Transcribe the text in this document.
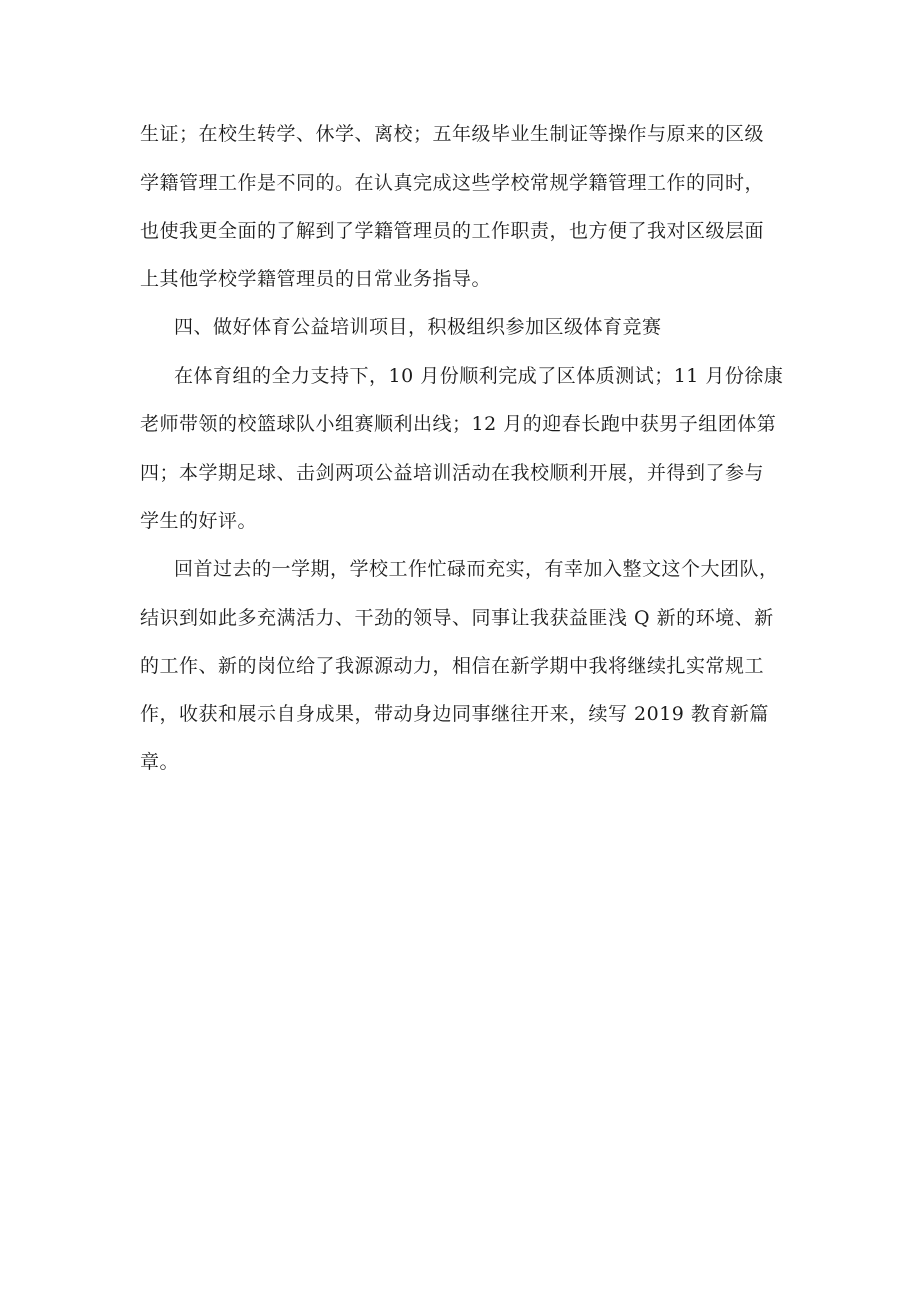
生证；在校生转学、休学、离校；五年级毕业生制证等操作与原来的区级
学籍管理工作是不同的。在认真完成这些学校常规学籍管理工作的同时，
也使我更全面的了解到了学籍管理员的工作职责，也方便了我对区级层面
上其他学校学籍管理员的日常业务指导。
四、做好体育公益培训项目，积极组织参加区级体育竞赛
在体育组的全力支持下，10 月份顺利完成了区体质测试；11 月份徐康
老师带领的校篮球队小组赛顺利出线；12 月的迎春长跑中获男子组团体第
四；本学期足球、击剑两项公益培训活动在我校顺利开展，并得到了参与
学生的好评。
回首过去的一学期，学校工作忙碌而充实，有幸加入整文这个大团队，
结识到如此多充满活力、干劲的领导、同事让我获益匪浅 Q 新的环境、新
的工作、新的岗位给了我源源动力，相信在新学期中我将继续扎实常规工
作，收获和展示自身成果，带动身边同事继往开来，续写 2019 教育新篇
章。
